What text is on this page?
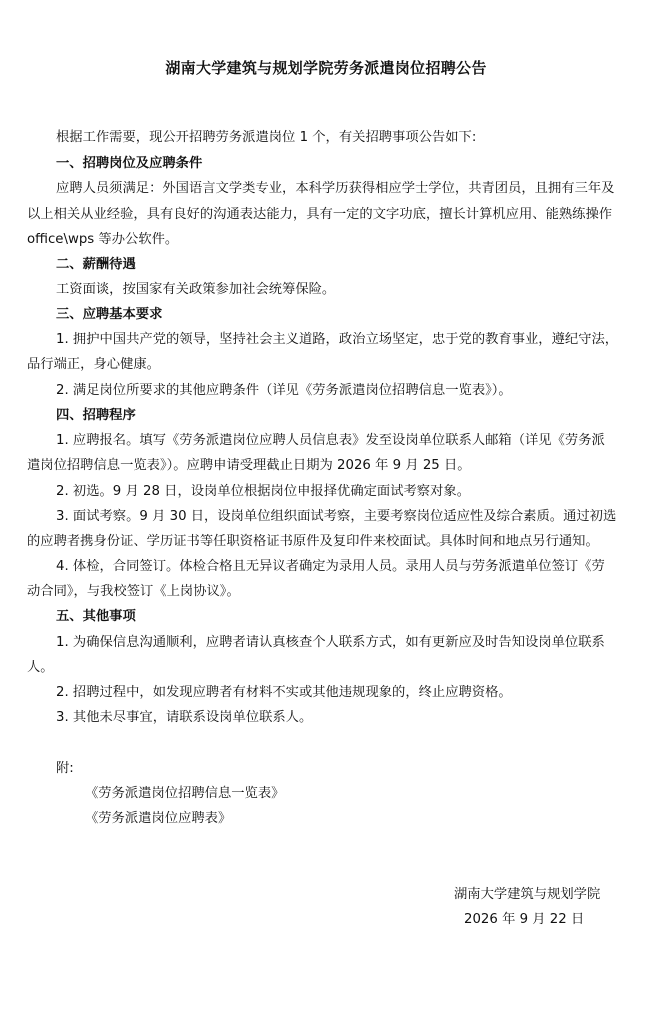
湖南大学建筑与规划学院劳务派遣岗位招聘公告
根据工作需要，现公开招聘劳务派遣岗位 1 个，有关招聘事项公告如下:
一、招聘岗位及应聘条件
应聘人员须满足：外国语言文学类专业，本科学历获得相应学士学位，共青团员，且拥有三年及
以上相关从业经验，具有良好的沟通表达能力，具有一定的文字功底，擅长计算机应用、能熟练操作
office\wps 等办公软件。
二、薪酬待遇
工资面谈，按国家有关政策参加社会统筹保险。
三、应聘基本要求
1. 拥护中国共产党的领导，坚持社会主义道路，政治立场坚定，忠于党的教育事业，遵纪守法，
品行端正，身心健康。
2. 满足岗位所要求的其他应聘条件（详见《劳务派遣岗位招聘信息一览表》）。
四、招聘程序
1. 应聘报名。填写《劳务派遣岗位应聘人员信息表》发至设岗单位联系人邮箱（详见《劳务派
遣岗位招聘信息一览表》）。应聘申请受理截止日期为 2026 年 9 月 25 日。
2. 初选。9 月 28 日，设岗单位根据岗位申报择优确定面试考察对象。
3. 面试考察。9 月 30 日，设岗单位组织面试考察，主要考察岗位适应性及综合素质。通过初选
的应聘者携身份证、学历证书等任职资格证书原件及复印件来校面试。具体时间和地点另行通知。
4. 体检，合同签订。体检合格且无异议者确定为录用人员。录用人员与劳务派遣单位签订《劳
动合同》，与我校签订《上岗协议》。
五、其他事项
1. 为确保信息沟通顺利，应聘者请认真核查个人联系方式，如有更新应及时告知设岗单位联系
人。
2. 招聘过程中，如发现应聘者有材料不实或其他违规现象的，终止应聘资格。
3. 其他未尽事宜，请联系设岗单位联系人。
附:
《劳务派遣岗位招聘信息一览表》
《劳务派遣岗位应聘表》
湖南大学建筑与规划学院
2026 年 9 月 22 日
